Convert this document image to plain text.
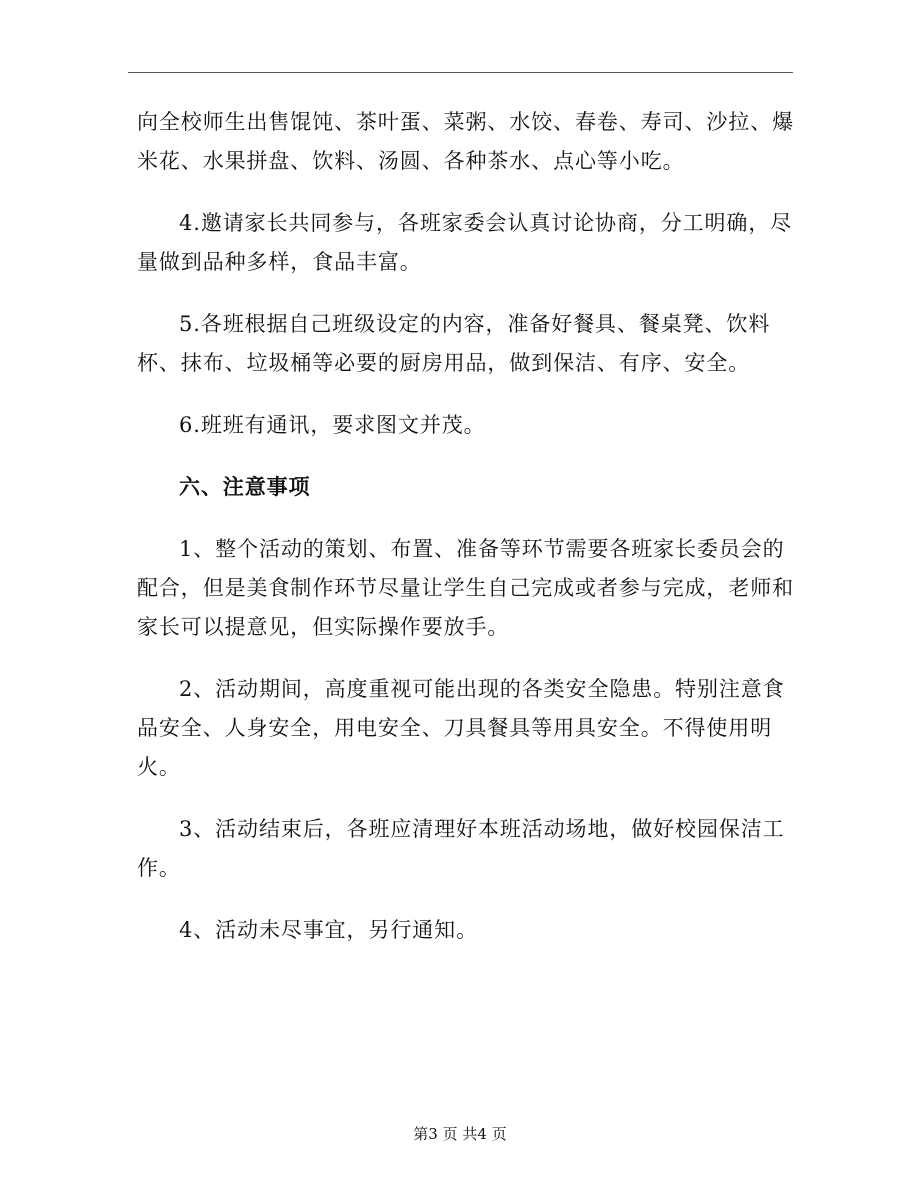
向全校师生出售馄饨、茶叶蛋、菜粥、水饺、春卷、寿司、沙拉、爆米花、水果拼盘、饮料、汤圆、各种茶水、点心等小吃。

4.邀请家长共同参与，各班家委会认真讨论协商，分工明确，尽量做到品种多样，食品丰富。

5.各班根据自己班级设定的内容，准备好餐具、餐桌凳、饮料杯、抹布、垃圾桶等必要的厨房用品，做到保洁、有序、安全。

6.班班有通讯，要求图文并茂。

六、注意事项

1、整个活动的策划、布置、准备等环节需要各班家长委员会的配合，但是美食制作环节尽量让学生自己完成或者参与完成，老师和家长可以提意见，但实际操作要放手。

2、活动期间，高度重视可能出现的各类安全隐患。特别注意食品安全、人身安全，用电安全、刀具餐具等用具安全。不得使用明火。

3、活动结束后，各班应清理好本班活动场地，做好校园保洁工作。

4、活动未尽事宜，另行通知。

第3 页 共4 页
